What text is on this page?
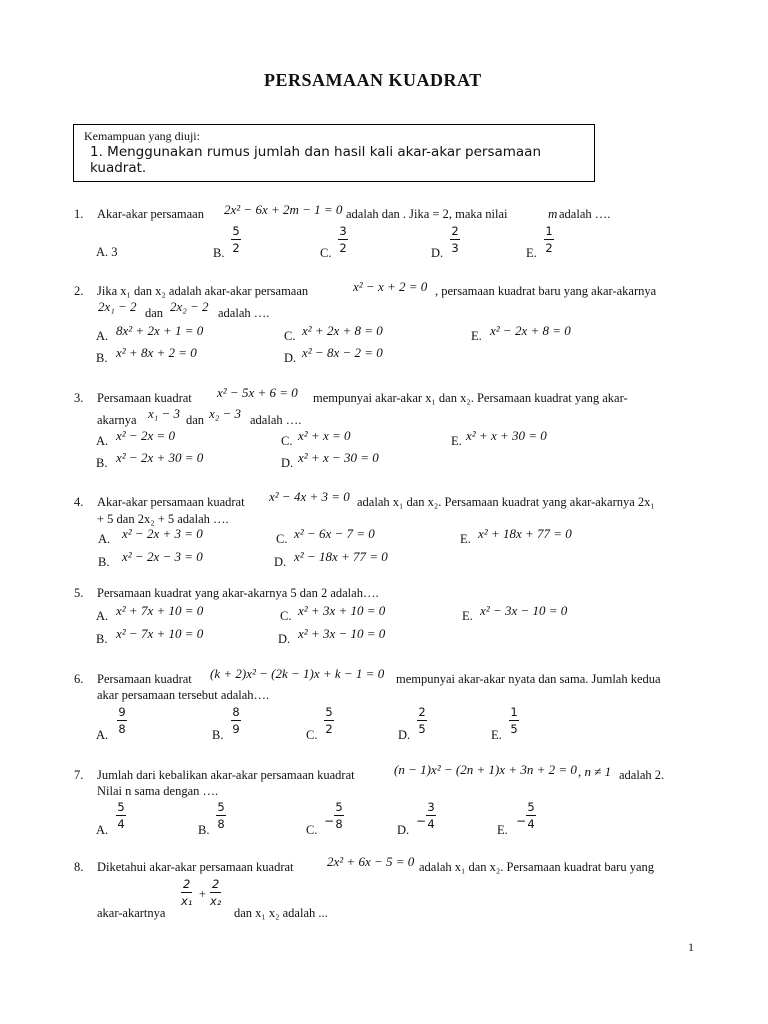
PERSAMAAN KUADRAT
Kemampuan yang diuji:
1. Menggunakan rumus jumlah dan hasil kali akar-akar persamaan kuadrat.
1. Akar-akar persamaan 2x² − 6x + 2m − 1 = 0 adalah dan . Jika = 2, maka nilai	m adalah ….
A. 3	B.
5
2	C.
3
2	D.
2
3	E.
1
2
2. Jika x₁ dan x₂ adalah akar-akar persamaan	x² − x + 2 = 0 , persamaan kuadrat baru yang akar-akarnya
2x₁ − 2 dan 2x₂ − 2 adalah ….
A. 8x² + 2x + 1 = 0
B. x² + 8x + 2 = 0
C. x² + 2x + 8 = 0
D. x² − 8x − 2 = 0
E. x² − 2x + 8 = 0
3. Persamaan kuadrat x² − 5x + 6 = 0 mempunyai akar-akar x₁ dan x₂. Persamaan kuadrat yang akar-
akarnya x₁ − 3 dan x₂ − 3 adalah ….
A. x² − 2x = 0
B. x² − 2x + 30 = 0
C. x² + x = 0
D. x² + x − 30 = 0
E. x² + x + 30 = 0
4. Akar-akar persamaan kuadrat x² − 4x + 3 = 0 adalah x₁ dan x₂. Persamaan kuadrat yang akar-akarnya 2x₁
+ 5 dan 2x₂ + 5 adalah ….
A. x² − 2x + 3 = 0
B. x² − 2x − 3 = 0
C. x² − 6x − 7 = 0
D. x² − 18x + 77 = 0
E. x² + 18x + 77 = 0
5. Persamaan kuadrat yang akar-akarnya 5 dan 2 adalah….
A. x² + 7x + 10 = 0
B. x² − 7x + 10 = 0
C. x² + 3x + 10 = 0
D. x² + 3x − 10 = 0
E. x² − 3x − 10 = 0
6. Persamaan kuadrat (k + 2)x² − (2k − 1)x + k − 1 = 0 mempunyai akar-akar nyata dan sama. Jumlah kedua
akar persamaan tersebut adalah….
A.
9
8	B.
8
9	C.
5
2	D.
2
5	E.
1
5
7. Jumlah dari kebalikan akar-akar persamaan kuadrat	(n − 1)x² − (2n + 1)x + 3n + 2 = 0 , n ≠ 1 adalah 2.
Nilai n sama dengan ….
A.
5
4	B.
5
8	C.
−
5
8	D.
−
3
4	E.
−
5
4
8. Diketahui akar-akar persamaan kuadrat	2x² + 6x − 5 = 0 adalah x₁ dan x₂. Persamaan kuadrat baru yang
akar-akartnya
2
x₁ +
2
x₂
dan x₁ x₂ adalah ...
1
